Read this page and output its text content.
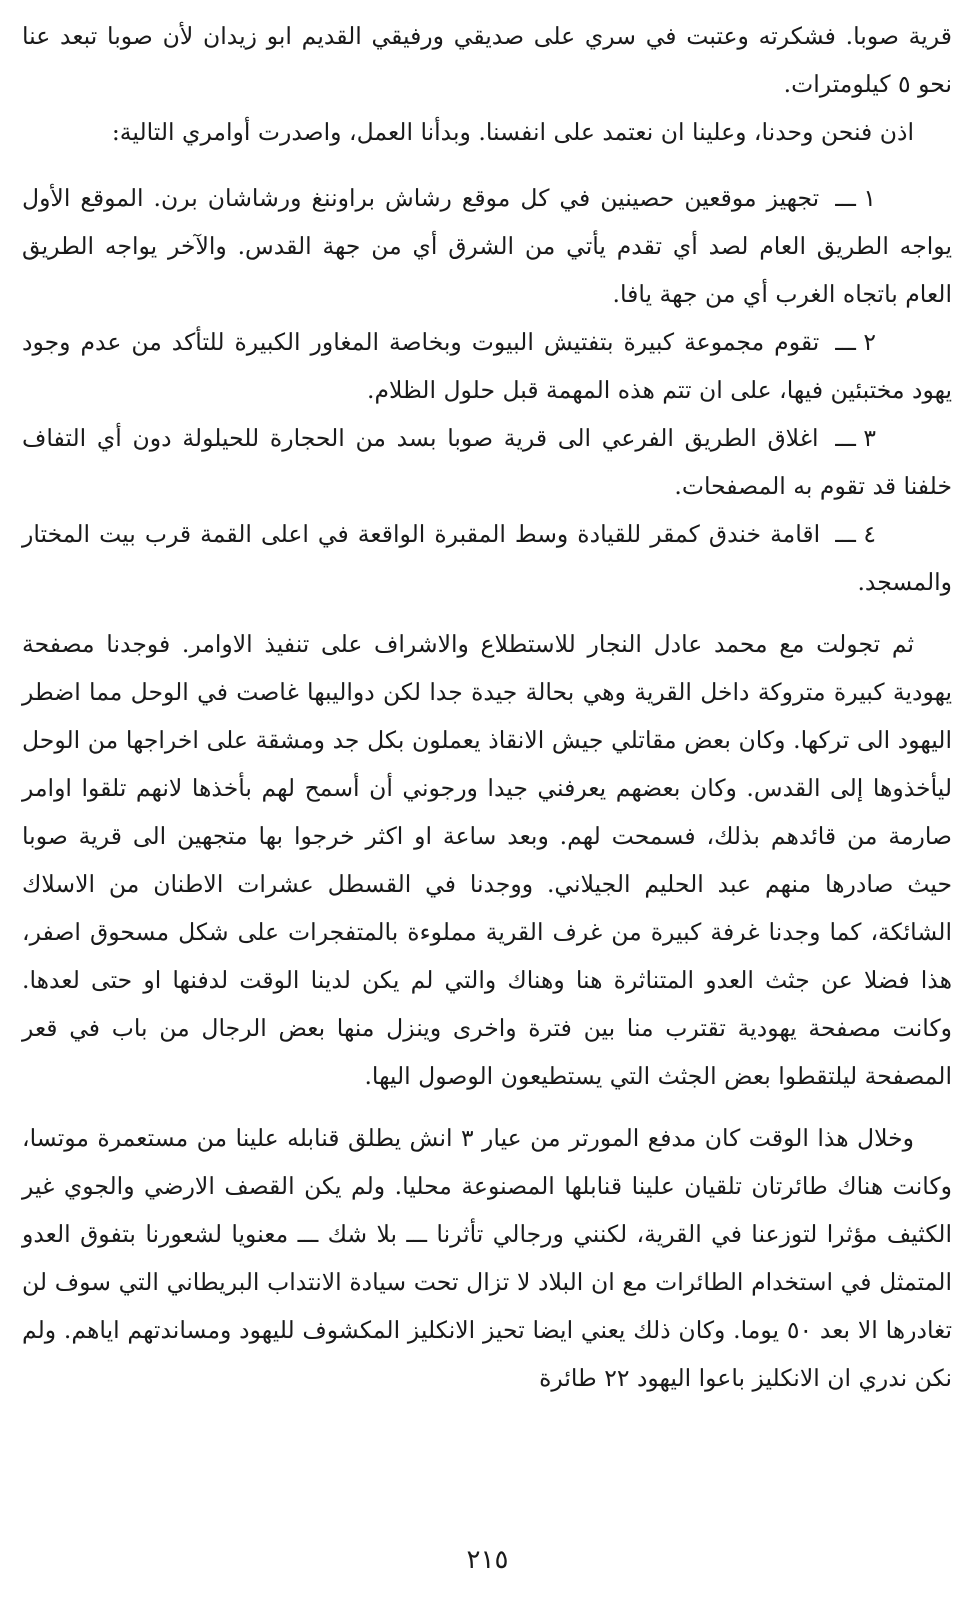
قرية صوبا. فشكرته وعتبت في سري على صديقي ورفيقي القديم ابو زيدان لأن صوبا تبعد عنا نحو ٥ كيلومترات.

اذن فنحن وحدنا، وعلينا ان نعتمد على انفسنا. وبدأنا العمل، واصدرت أوامري التالية:

١ ـــ تجهيز موقعين حصينين في كل موقع رشاش براوننغ ورشاشان برن. الموقع الأول يواجه الطريق العام لصد أي تقدم يأتي من الشرق أي من جهة القدس. والآخر يواجه الطريق العام باتجاه الغرب أي من جهة يافا.

٢ ـــ تقوم مجموعة كبيرة بتفتيش البيوت وبخاصة المغاور الكبيرة للتأكد من عدم وجود يهود مختبئين فيها، على ان تتم هذه المهمة قبل حلول الظلام.

٣ ـــ اغلاق الطريق الفرعي الى قرية صوبا بسد من الحجارة للحيلولة دون أي التفاف خلفنا قد تقوم به المصفحات.

٤ ـــ اقامة خندق كمقر للقيادة وسط المقبرة الواقعة في اعلى القمة قرب بيت المختار والمسجد.

ثم تجولت مع محمد عادل النجار للاستطلاع والاشراف على تنفيذ الاوامر. فوجدنا مصفحة يهودية كبيرة متروكة داخل القرية وهي بحالة جيدة جدا لكن دواليبها غاصت في الوحل مما اضطر اليهود الى تركها. وكان بعض مقاتلي جيش الانقاذ يعملون بكل جد ومشقة على اخراجها من الوحل ليأخذوها إلى القدس. وكان بعضهم يعرفني جيدا ورجوني أن أسمح لهم بأخذها لانهم تلقوا اوامر صارمة من قائدهم بذلك، فسمحت لهم. وبعد ساعة او اكثر خرجوا بها متجهين الى قرية صوبا حيث صادرها منهم عبد الحليم الجيلاني. ووجدنا في القسطل عشرات الاطنان من الاسلاك الشائكة، كما وجدنا غرفة كبيرة من غرف القرية مملوءة بالمتفجرات على شكل مسحوق اصفر، هذا فضلا عن جثث العدو المتناثرة هنا وهناك والتي لم يكن لدينا الوقت لدفنها او حتى لعدها. وكانت مصفحة يهودية تقترب منا بين فترة واخرى وينزل منها بعض الرجال من باب في قعر المصفحة ليلتقطوا بعض الجثث التي يستطيعون الوصول اليها.

وخلال هذا الوقت كان مدفع المورتر من عيار ٣ انش يطلق قنابله علينا من مستعمرة موتسا، وكانت هناك طائرتان تلقيان علينا قنابلها المصنوعة محليا. ولم يكن القصف الارضي والجوي غير الكثيف مؤثرا لتوزعنا في القرية، لكنني ورجالي تأثرنا ـــ بلا شك ـــ معنويا لشعورنا بتفوق العدو المتمثل في استخدام الطائرات مع ان البلاد لا تزال تحت سيادة الانتداب البريطاني التي سوف لن تغادرها الا بعد ٥٠ يوما. وكان ذلك يعني ايضا تحيز الانكليز المكشوف لليهود ومساندتهم اياهم. ولم نكن ندري ان الانكليز باعوا اليهود ٢٢ طائرة

٢١٥
